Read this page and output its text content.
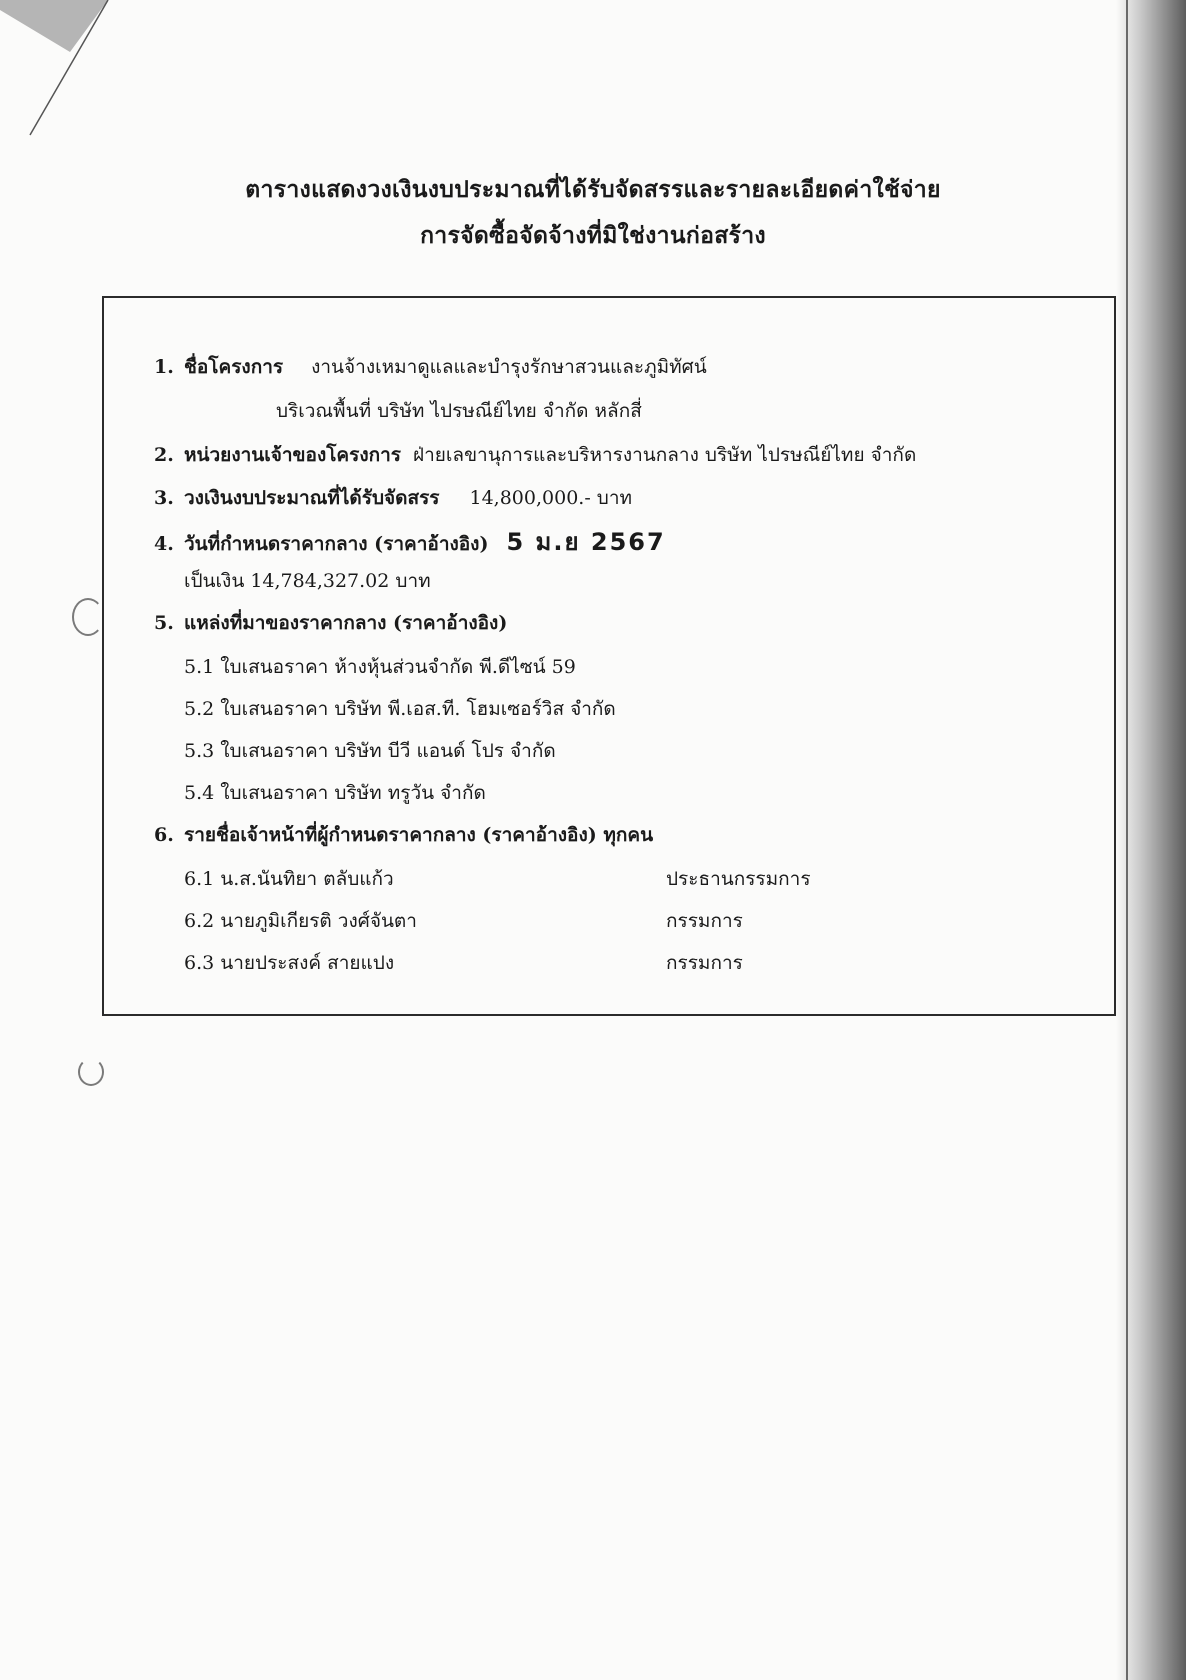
ตารางแสดงวงเงินงบประมาณที่ได้รับจัดสรรและรายละเอียดค่าใช้จ่าย
การจัดซื้อจัดจ้างที่มิใช่งานก่อสร้าง
1. ชื่อโครงการ งานจ้างเหมาดูแลและบำรุงรักษาสวนและภูมิทัศน์
บริเวณพื้นที่ บริษัท ไปรษณีย์ไทย จำกัด หลักสี่
2. หน่วยงานเจ้าของโครงการ ฝ่ายเลขานุการและบริหารงานกลาง บริษัท ไปรษณีย์ไทย จำกัด
3. วงเงินงบประมาณที่ได้รับจัดสรร 14,800,000.- บาท
4. วันที่กำหนดราคากลาง (ราคาอ้างอิง) 5 ม.ย 2567
เป็นเงิน 14,784,327.02 บาท
5. แหล่งที่มาของราคากลาง (ราคาอ้างอิง)
5.1 ใบเสนอราคา ห้างหุ้นส่วนจำกัด พี.ดีไซน์ 59
5.2 ใบเสนอราคา บริษัท พี.เอส.ที. โฮมเซอร์วิส จำกัด
5.3 ใบเสนอราคา บริษัท บีวี แอนด์ โปร จำกัด
5.4 ใบเสนอราคา บริษัท ทรูวัน จำกัด
6. รายชื่อเจ้าหน้าที่ผู้กำหนดราคากลาง (ราคาอ้างอิง) ทุกคน
6.1 น.ส.นันทิยา ตลับแก้ว	ประธานกรรมการ
6.2 นายภูมิเกียรติ วงศ์จันตา	กรรมการ
6.3 นายประสงค์ สายแปง	กรรมการ
